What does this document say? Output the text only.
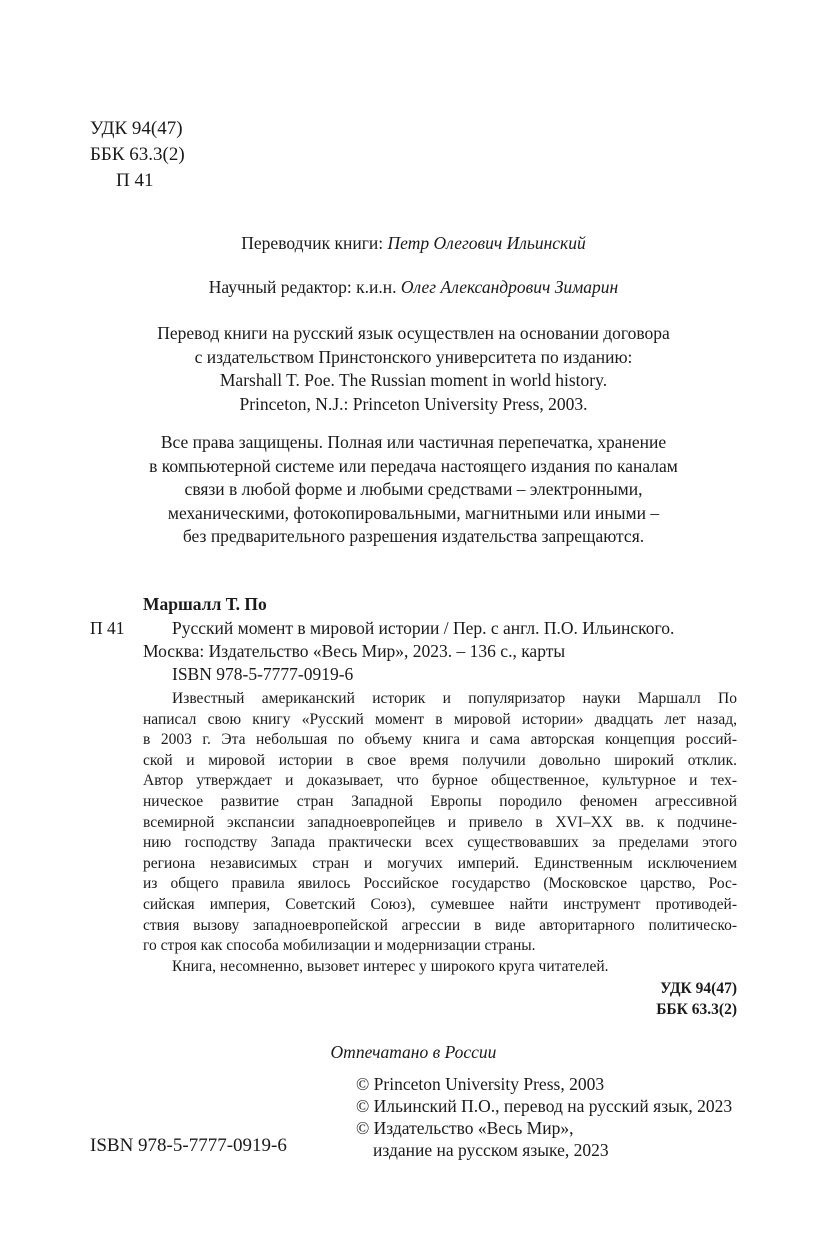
УДК 94(47)
ББК 63.3(2)
П 41
Переводчик книги: Петр Олегович Ильинский
Научный редактор: к.и.н. Олег Александрович Зимарин
Перевод книги на русский язык осуществлен на основании договора
с издательством Принстонского университета по изданию:
Marshall T. Poe. The Russian moment in world history.
Princeton, N.J.: Princeton University Press, 2003.
Все права защищены. Полная или частичная перепечатка, хранение
в компьютерной системе или передача настоящего издания по каналам
связи в любой форме и любыми средствами – электронными,
механическими, фотокопировальными, магнитными или иными –
без предварительного разрешения издательства запрещаются.
Маршалл Т. По
П 41	Русский момент в мировой истории / Пер. с англ. П.О. Ильинского.
Москва: Издательство «Весь Мир», 2023. – 136 с., карты
ISBN 978-5-7777-0919-6
Известный американский историк и популяризатор науки Маршалл По
написал свою книгу «Русский момент в мировой истории» двадцать лет назад,
в 2003 г. Эта небольшая по объему книга и сама авторская концепция россий-
ской и мировой истории в свое время получили довольно широкий отклик.
Автор утверждает и доказывает, что бурное общественное, культурное и тех-
ническое развитие стран Западной Европы породило феномен агрессивной
всемирной экспансии западноевропейцев и привело в XVI–XX вв. к подчине-
нию господству Запада практически всех существовавших за пределами этого
региона независимых стран и могучих империй. Единственным исключением
из общего правила явилось Российское государство (Московское царство, Рос-
сийская империя, Советский Союз), сумевшее найти инструмент противодей-
ствия вызову западноевропейской агрессии в виде авторитарного политическо-
го строя как способа мобилизации и модернизации страны.
Книга, несомненно, вызовет интерес у широкого круга читателей.
УДК 94(47)
ББК 63.3(2)
Отпечатано в России
© Princeton University Press, 2003
© Ильинский П.О., перевод на русский язык, 2023
© Издательство «Весь Мир»,
издание на русском языке, 2023
ISBN 978-5-7777-0919-6
